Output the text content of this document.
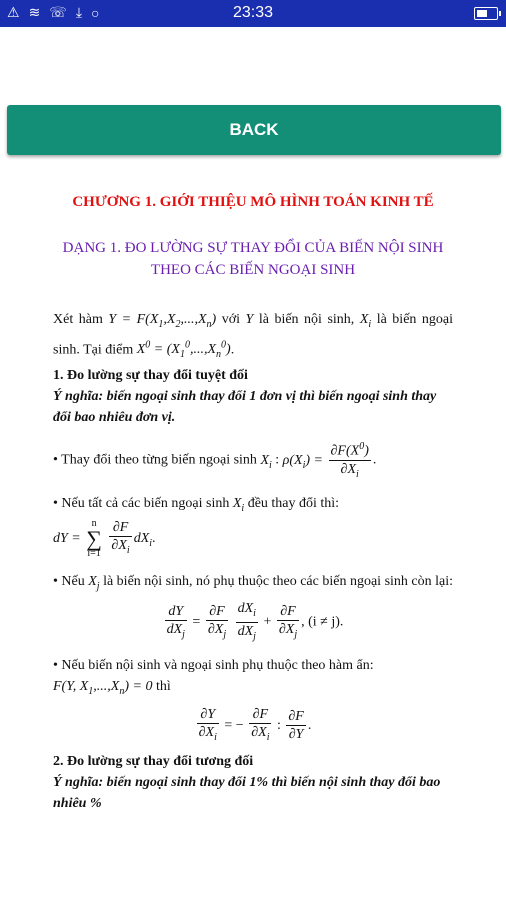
⚠ ≋ ☏ ⤓ ○	23:33
BACK
CHƯƠNG 1. GIỚI THIỆU MÔ HÌNH TOÁN KINH TẾ
DẠNG 1. ĐO LƯỜNG SỰ THAY ĐỔI CỦA BIẾN NỘI SINH
THEO CÁC BIẾN NGOẠI SINH

Xét hàm $Y = F(X_1,X_2,...,X_n)$ với Y là biến nội sinh, $X_i$ là biến ngoại sinh. Tại điểm $X^0 = (X_1^0,...,X_n^0)$.

1. Đo lường sự thay đổi tuyệt đối

Ý nghĩa: biến ngoại sinh thay đổi 1 đơn vị thì biến ngoại sinh thay đổi bao nhiêu đơn vị.

• Thay đổi theo từng biến ngoại $\sinh X_i$ : $\rho(X_i) = \frac{\partial F(X^0)}{\partial X_i}$ .

• Nếu tất cả các biến ngoại $\sinh X_i$ đều thay đổi thì:
dY = n
∑
$i=1 \frac{\partial F}{\partial X_i} dX_i$.

• Nếu $X_j$ là biến nội sinh, nó phụ thuộc theo các biến ngoại sinh còn lại:

$\frac{dY}{dX_j} = \frac{\partial F}{\partial X_j}$
$\frac{dX_i}{dX_j} + \frac{\partial F}{\partial X_j}$ , (i ≠ j).

• Nếu biến nội sinh và ngoại sinh phụ thuộc theo hàm ẩn:
F(Y, $X_1,...,X_n) = 0$ thì

$\frac{\partial Y}{\partial X_i}$ = − $\frac{\partial F}{\partial X_i}$ : $\frac{\partial F}{\partial Y}$ .

2. Đo lường sự thay đổi tương đối

Ý nghĩa: biến ngoại sinh thay đổi 1% thì biến nội sinh thay đổi bao nhiêu %
